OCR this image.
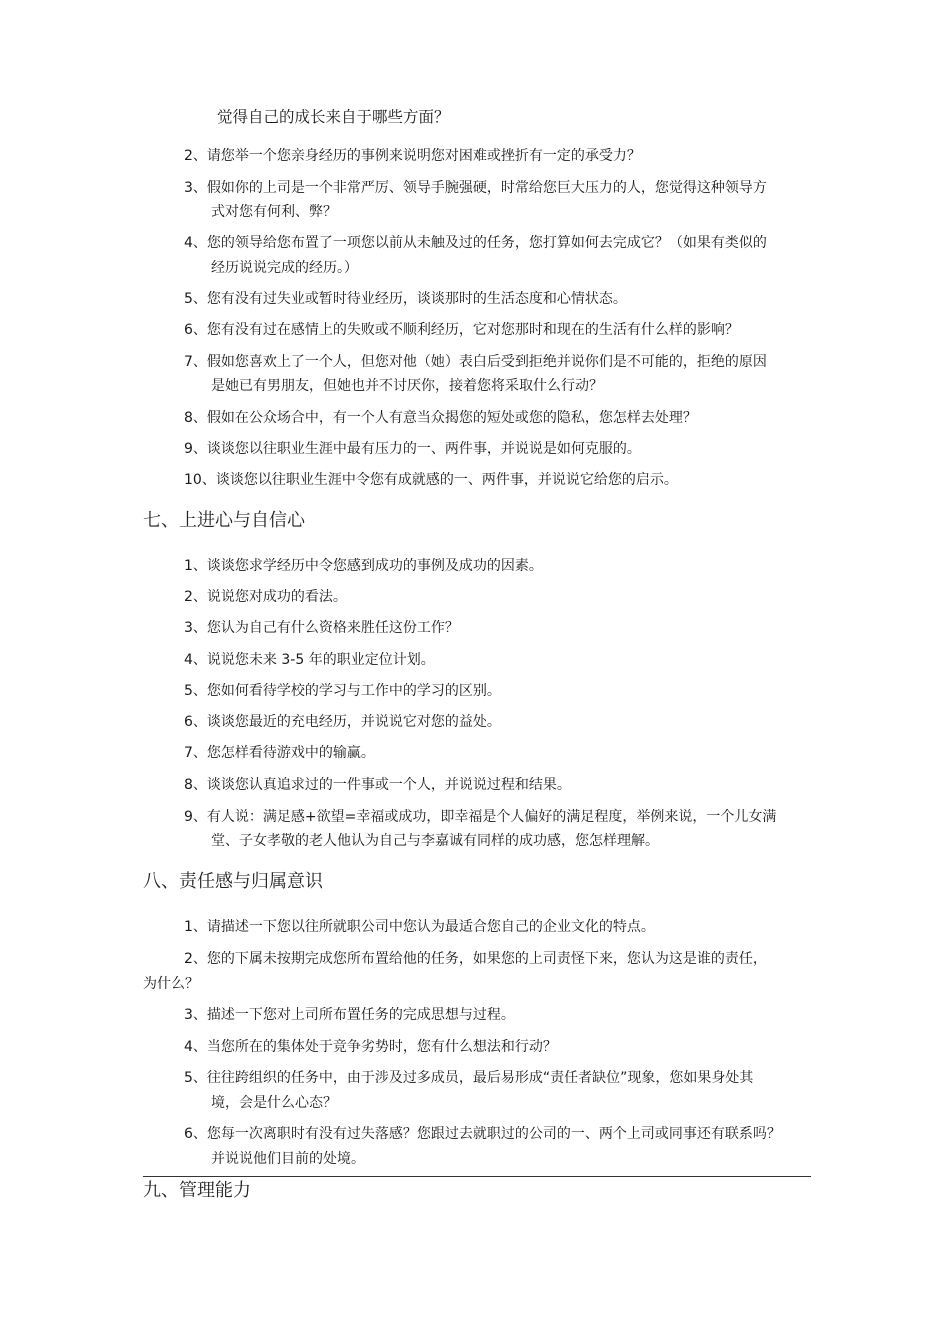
觉得自己的成长来自于哪些方面？
2、请您举一个您亲身经历的事例来说明您对困难或挫折有一定的承受力？
3、假如你的上司是一个非常严厉、领导手腕强硬，时常给您巨大压力的人，您觉得这种领导方
式对您有何利、弊？
4、您的领导给您布置了一项您以前从未触及过的任务，您打算如何去完成它？（如果有类似的
经历说说完成的经历。）
5、您有没有过失业或暂时待业经历，谈谈那时的生活态度和心情状态。
6、您有没有过在感情上的失败或不顺利经历，它对您那时和现在的生活有什么样的影响？
7、假如您喜欢上了一个人，但您对他（她）表白后受到拒绝并说你们是不可能的，拒绝的原因
是她已有男朋友，但她也并不讨厌你，接着您将采取什么行动？
8、假如在公众场合中，有一个人有意当众揭您的短处或您的隐私，您怎样去处理？
9、谈谈您以往职业生涯中最有压力的一、两件事，并说说是如何克服的。
10、谈谈您以往职业生涯中令您有成就感的一、两件事，并说说它给您的启示。
七、上进心与自信心
1、谈谈您求学经历中令您感到成功的事例及成功的因素。
2、说说您对成功的看法。
3、您认为自己有什么资格来胜任这份工作？
4、说说您未来 3-5 年的职业定位计划。
5、您如何看待学校的学习与工作中的学习的区别。
6、谈谈您最近的充电经历，并说说它对您的益处。
7、您怎样看待游戏中的输赢。
8、谈谈您认真追求过的一件事或一个人，并说说过程和结果。
9、有人说：满足感+欲望=幸福或成功，即幸福是个人偏好的满足程度，举例来说，一个儿女满
堂、子女孝敬的老人他认为自己与李嘉诚有同样的成功感，您怎样理解。
八、责任感与归属意识
1、请描述一下您以往所就职公司中您认为最适合您自己的企业文化的特点。
2、您的下属未按期完成您所布置给他的任务，如果您的上司责怪下来，您认为这是谁的责任，
为什么？
3、描述一下您对上司所布置任务的完成思想与过程。
4、当您所在的集体处于竞争劣势时，您有什么想法和行动？
5、往往跨组织的任务中，由于涉及过多成员，最后易形成“责任者缺位”现象，您如果身处其
境，会是什么心态？
6、您每一次离职时有没有过失落感？您跟过去就职过的公司的一、两个上司或同事还有联系吗？
并说说他们目前的处境。
九、管理能力
